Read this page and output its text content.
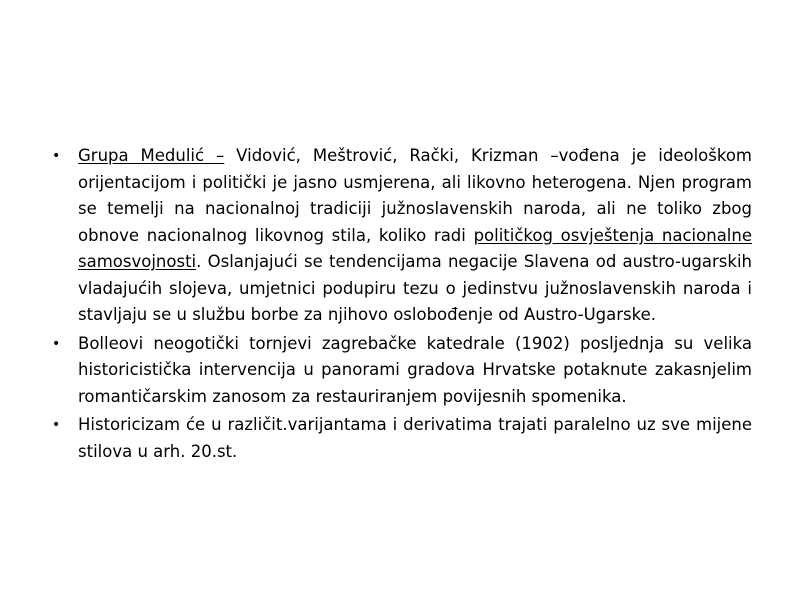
• Grupa Medulić – Vidović, Meštrović, Rački, Krizman –vođena je ideološkom orijentacijom i politički je jasno usmjerena, ali likovno heterogena. Njen program se temelji na nacionalnoj tradiciji južnoslavenskih naroda, ali ne toliko zbog obnove nacionalnog likovnog stila, koliko radi političkog osvještenja nacionalne samosvojnosti. Oslanjajući se tendencijama negacije Slavena od austro-ugarskih vladajućih slojeva, umjetnici podupiru tezu o jedinstvu južnoslavenskih naroda i stavljaju se u službu borbe za njihovo oslobođenje od Austro-Ugarske.
• Bolleovi neogotički tornjevi zagrebačke katedrale (1902) posljednja su velika historicistička intervencija u panorami gradova Hrvatske potaknute zakasnjelim romantičarskim zanosom za restauriranjem povijesnih spomenika.
• Historicizam će u različit.varijantama i derivatima trajati paralelno uz sve mijene stilova u arh. 20.st.
